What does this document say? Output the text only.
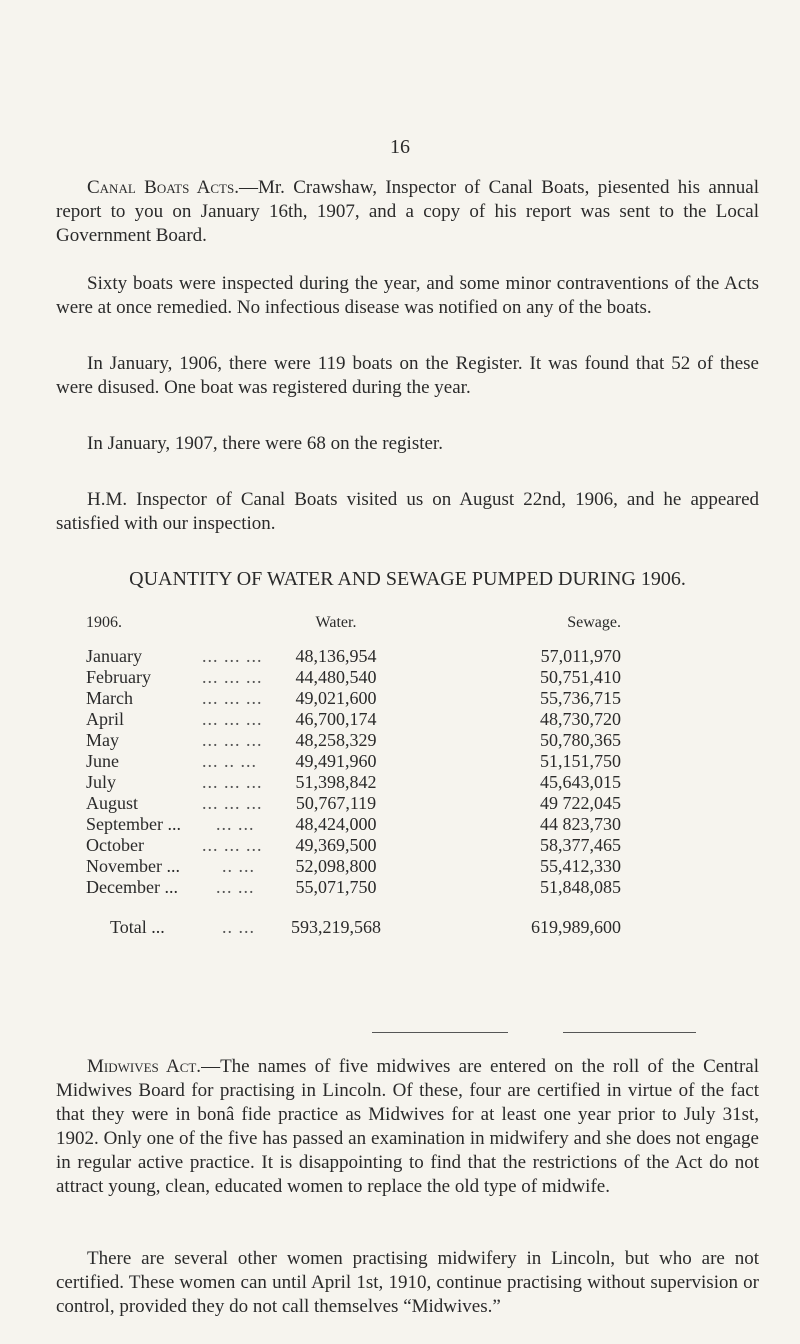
16

Canal Boats Acts.—Mr. Crawshaw, Inspector of Canal Boats, piesented his annual report to you on January 16th, 1907, and a copy of his report was sent to the Local Government Board.

Sixty boats were inspected during the year, and some minor contraventions of the Acts were at once remedied. No infectious disease was notified on any of the boats.

In January, 1906, there were 119 boats on the Register. It was found that 52 of these were disused. One boat was registered during the year.

In January, 1907, there were 68 on the register.

H.M. Inspector of Canal Boats visited us on August 22nd, 1906, and he appeared satisfied with our inspection.

QUANTITY OF WATER AND SEWAGE PUMPED DURING 1906.
1906.	Water.	Sewage.
January ... ... ...	48,136,954	57,011,970
February ... ... ...	44,480,540	50,751,410
March ... ... ...	49,021,600	55,736,715
April ... ... ...	46,700,174	48,730,720
May ... ... ...	48,258,329	50,780,365
June ... .. ...	49,491,960	51,151,750
July ... ... ...	51,398,842	45,643,015
August ... ... ...	50,767,119	49 722,045
September ... ... ...	48,424,000	44 823,730
October ... ... ...	49,369,500	58,377,465
November ... .. ...	52,098,800	55,412,330
December ... ... ...	55,071,750	51,848,085
Total ... .. ...	593,219,568	619,989,600

Midwives Act.—The names of five midwives are entered on the roll of the Central Midwives Board for practising in Lincoln. Of these, four are certified in virtue of the fact that they were in bonâ fide practice as Midwives for at least one year prior to July 31st, 1902. Only one of the five has passed an examination in midwifery and she does not engage in regular active practice. It is disappointing to find that the restrictions of the Act do not attract young, clean, educated women to replace the old type of midwife.

There are several other women practising midwifery in Lincoln, but who are not certified. These women can until April 1st, 1910, continue practising without supervision or control, provided they do not call themselves “Midwives.”
